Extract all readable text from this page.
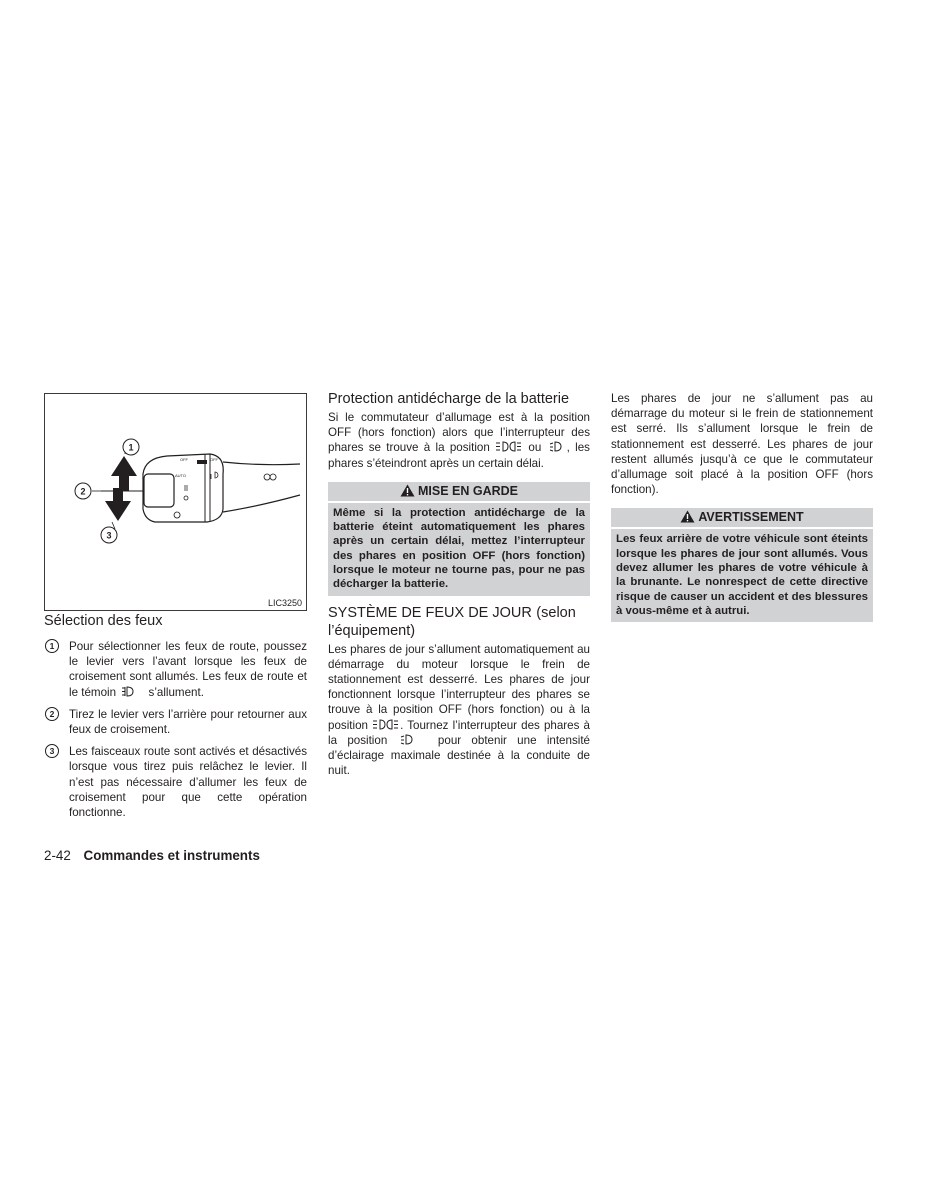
AUTO
OFF	OFF
1
2
3
LIC3250
Sélection des feux
1	Pour sélectionner les feux de route, poussez le levier vers l’avant lorsque les feux de croisement sont allumés. Les feux de route et le témoin	s’allument.
2	Tirez le levier vers l’arrière pour retourner aux feux de croisement.
3	Les faisceaux route sont activés et désactivés lorsque vous tirez puis relâchez le levier. Il n’est pas nécessaire d’allumer les feux de croisement pour que cette opération fonctionne.
Protection antidécharge de la batterie
Si le commutateur d’allumage est à la position OFF (hors fonction) alors que l’interrupteur des phares se trouve à la position	ou , les phares s’éteindront après un certain délai.
MISE EN GARDE
Même si la protection antidécharge de la batterie éteint automatiquement les phares après un certain délai, mettez l’interrupteur des phares en position OFF (hors fonction) lorsque le moteur ne tourne pas, pour ne pas décharger la batterie.
SYSTÈME DE FEUX DE JOUR (selon l’équipement)
Les phares de jour s’allument automatiquement au démarrage du moteur lorsque le frein de stationnement est desserré. Les phares de jour fonctionnent lorsque l’interrupteur des phares se trouve à la position OFF (hors fonction) ou à la position	. Tournez l’interrupteur des phares à la position	pour obtenir une intensité d’éclairage maximale destinée à la conduite de nuit.
Les phares de jour ne s’allument pas au démarrage du moteur si le frein de stationnement est serré. Ils s’allument lorsque le frein de stationnement est desserré. Les phares de jour restent allumés jusqu’à ce que le commutateur d’allumage soit placé à la position OFF (hors fonction).
AVERTISSEMENT
Les feux arrière de votre véhicule sont éteints lorsque les phares de jour sont allumés. Vous devez allumer les phares de votre véhicule à la brunante. Le nonrespect de cette directive risque de causer un accident et des blessures à vous-même et à autrui.
2-42 Commandes et instruments
